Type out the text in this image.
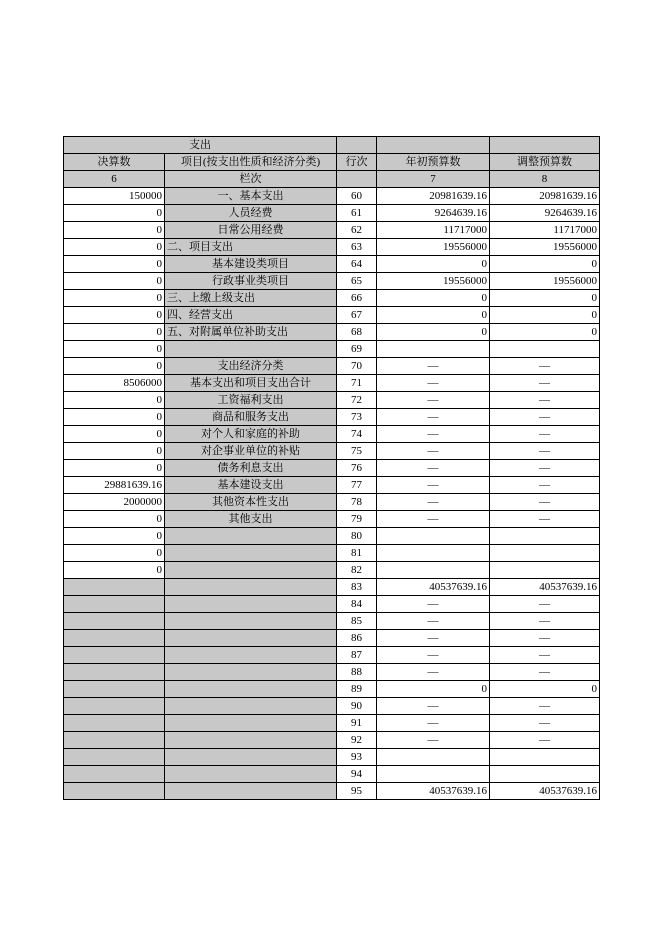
支出				
决算数	项目(按支出性质和经济分类)	行次	年初预算数	调整预算数
6	栏次		7	8
150000	一、基本支出	60	20981639.16	20981639.16
0	人员经费	61	9264639.16	9264639.16
0	日常公用经费	62	11717000	11717000
0	二、项目支出	63	19556000	19556000
0	基本建设类项目	64	0	0
0	行政事业类项目	65	19556000	19556000
0	三、上缴上级支出	66	0	0
0	四、经营支出	67	0	0
0	五、对附属单位补助支出	68	0	0
0		69		
0	支出经济分类	70	—	—
8506000	基本支出和项目支出合计	71	—	—
0	工资福利支出	72	—	—
0	商品和服务支出	73	—	—
0	对个人和家庭的补助	74	—	—
0	对企事业单位的补贴	75	—	—
0	债务利息支出	76	—	—
29881639.16	基本建设支出	77	—	—
2000000	其他资本性支出	78	—	—
0	其他支出	79	—	—
0		80		
0		81		
0		82		
		83	40537639.16	40537639.16
		84	—	—
		85	—	—
		86	—	—
		87	—	—
		88	—	—
		89	0	0
		90	—	—
		91	—	—
		92	—	—
		93		
		94		
		95	40537639.16	40537639.16
